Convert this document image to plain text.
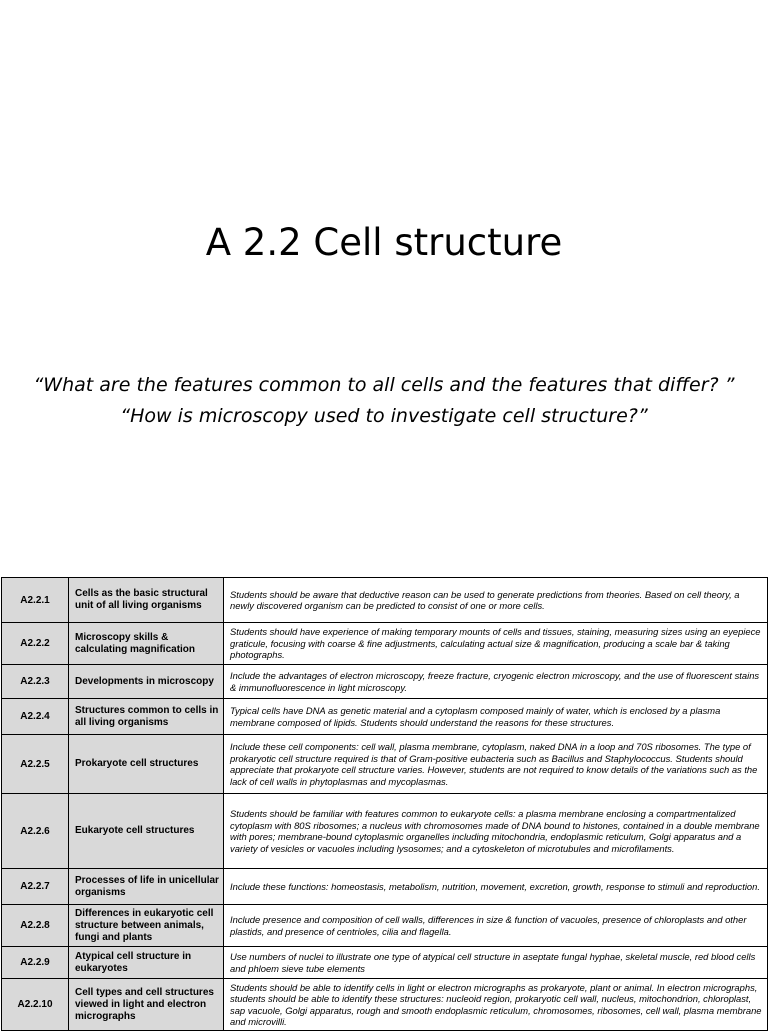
A 2.2 Cell structure
“What are the features common to all cells and the features that differ? ”
“How is microscopy used to investigate cell structure?”
A2.2.1	Cells as the basic structural unit of all living organisms	Students should be aware that deductive reason can be used to generate predictions from theories. Based on cell theory, a newly discovered organism can be predicted to consist of one or more cells.
A2.2.2	Microscopy skills & calculating magnification	Students should have experience of making temporary mounts of cells and tissues, staining, measuring sizes using an eyepiece graticule, focusing with coarse & fine adjustments, calculating actual size & magnification, producing a scale bar & taking photographs.
A2.2.3	Developments in microscopy	Include the advantages of electron microscopy, freeze fracture, cryogenic electron microscopy, and the use of fluorescent stains & immunofluorescence in light microscopy.
A2.2.4	Structures common to cells in all living organisms	Typical cells have DNA as genetic material and a cytoplasm composed mainly of water, which is enclosed by a plasma membrane composed of lipids. Students should understand the reasons for these structures.
A2.2.5	Prokaryote cell structures	Include these cell components: cell wall, plasma membrane, cytoplasm, naked DNA in a loop and 70S ribosomes. The type of prokaryotic cell structure required is that of Gram-positive eubacteria such as Bacillus and Staphylococcus. Students should appreciate that prokaryote cell structure varies. However, students are not required to know details of the variations such as the lack of cell walls in phytoplasmas and mycoplasmas.
A2.2.6	Eukaryote cell structures	Students should be familiar with features common to eukaryote cells: a plasma membrane enclosing a compartmentalized cytoplasm with 80S ribosomes; a nucleus with chromosomes made of DNA bound to histones, contained in a double membrane with pores; membrane-bound cytoplasmic organelles including mitochondria, endoplasmic reticulum, Golgi apparatus and a variety of vesicles or vacuoles including lysosomes; and a cytoskeleton of microtubules and microfilaments.
A2.2.7	Processes of life in unicellular organisms	Include these functions: homeostasis, metabolism, nutrition, movement, excretion, growth, response to stimuli and reproduction.
A2.2.8	Differences in eukaryotic cell structure between animals, fungi and plants	Include presence and composition of cell walls, differences in size & function of vacuoles, presence of chloroplasts and other plastids, and presence of centrioles, cilia and flagella.
A2.2.9	Atypical cell structure in eukaryotes	Use numbers of nuclei to illustrate one type of atypical cell structure in aseptate fungal hyphae, skeletal muscle, red blood cells and phloem sieve tube elements
A2.2.10	Cell types and cell structures viewed in light and electron micrographs	Students should be able to identify cells in light or electron micrographs as prokaryote, plant or animal. In electron micrographs, students should be able to identify these structures: nucleoid region, prokaryotic cell wall, nucleus, mitochondrion, chloroplast, sap vacuole, Golgi apparatus, rough and smooth endoplasmic reticulum, chromosomes, ribosomes, cell wall, plasma membrane and microvilli.
